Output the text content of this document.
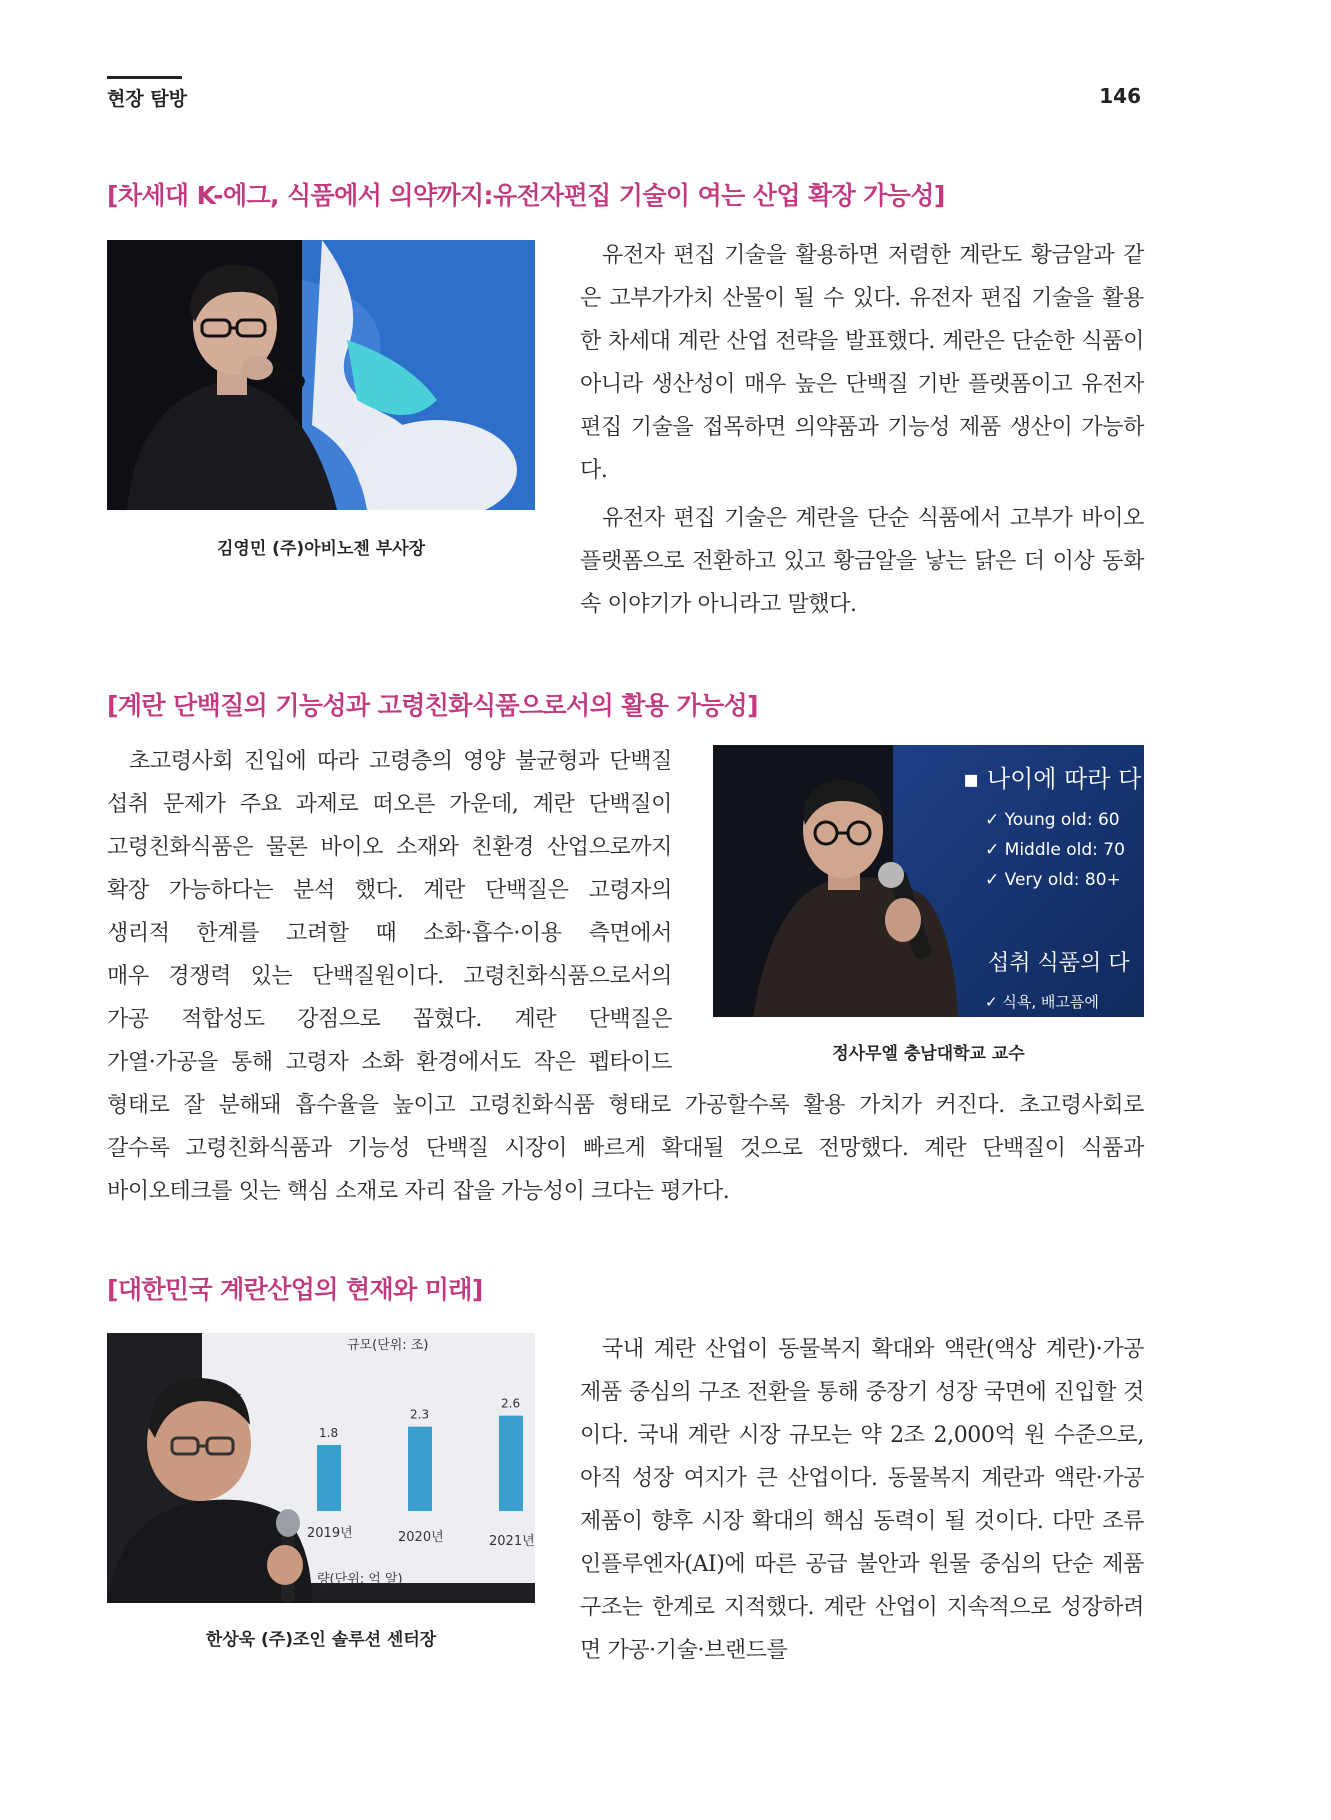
현장 탐방	146
[차세대 K-에그, 식품에서 의약까지:유전자편집 기술이 여는 산업 확장 가능성]
김영민 (주)아비노젠 부사장

유전자 편집 기술을 활용하면 저렴한 계란도 황금알과 같은 고부가가치 산물이 될 수 있다. 유전자 편집 기술을 활용한 차세대 계란 산업 전략을 발표했다. 계란은 단순한 식품이 아니라 생산성이 매우 높은 단백질 기반 플랫폼이고 유전자 편집 기술을 접목하면 의약품과 기능성 제품 생산이 가능하다.

유전자 편집 기술은 계란을 단순 식품에서 고부가 바이오 플랫폼으로 전환하고 있고 황금알을 낳는 닭은 더 이상 동화 속 이야기가 아니라고 말했다.

[계란 단백질의 기능성과 고령친화식품으로서의 활용 가능성]
▪ 나이에 따라 다
✓ Young old: 60
✓ Middle old: 70
✓ Very old: 80+
섭취 식품의 다
✓ 식욕, 배고픔에
정사무엘 충남대학교 교수
초고령사회 진입에 따라 고령층의 영양 불균형과 단백질
섭취 문제가 주요 과제로 떠오른 가운데, 계란 단백질이
고령친화식품은 물론 바이오 소재와 친환경 산업으로까지
확장 가능하다는 분석 했다. 계란 단백질은 고령자의
생리적 한계를 고려할 때 소화·흡수·이용 측면에서
매우 경쟁력 있는 단백질원이다. 고령친화식품으로서의
가공 적합성도 강점으로 꼽혔다. 계란 단백질은
가열·가공을 통해 고령자 소화 환경에서도 작은 펩타이드
형태로 잘 분해돼 흡수율을 높이고 고령친화식품 형태로 가공할수록 활용 가치가 커진다. 초고령사회로
갈수록 고령친화식품과 기능성 단백질 시장이 빠르게 확대될 것으로 전망했다. 계란 단백질이 식품과
바이오테크를 잇는 핵심 소재로 자리 잡을 가능성이 크다는 평가다.
[대한민국 계란산업의 현재와 미래]
규모(단위: 조)
1.8
2.3
2.6
2019년	2020년	2021년
량(단위: 억 알)
한상욱 (주)조인 솔루션 센터장

국내 계란 산업이 동물복지 확대와 액란(액상 계란)·가공 제품 중심의 구조 전환을 통해 중장기 성장 국면에 진입할 것이다. 국내 계란 시장 규모는 약 2조 2,000억 원 수준으로, 아직 성장 여지가 큰 산업이다. 동물복지 계란과 액란·가공 제품이 향후 시장 확대의 핵심 동력이 될 것이다. 다만 조류인플루엔자(AI)에 따른 공급 불안과 원물 중심의 단순 제품 구조는 한계로 지적했다. 계란 산업이 지속적으로 성장하려면 가공·기술·브랜드를
